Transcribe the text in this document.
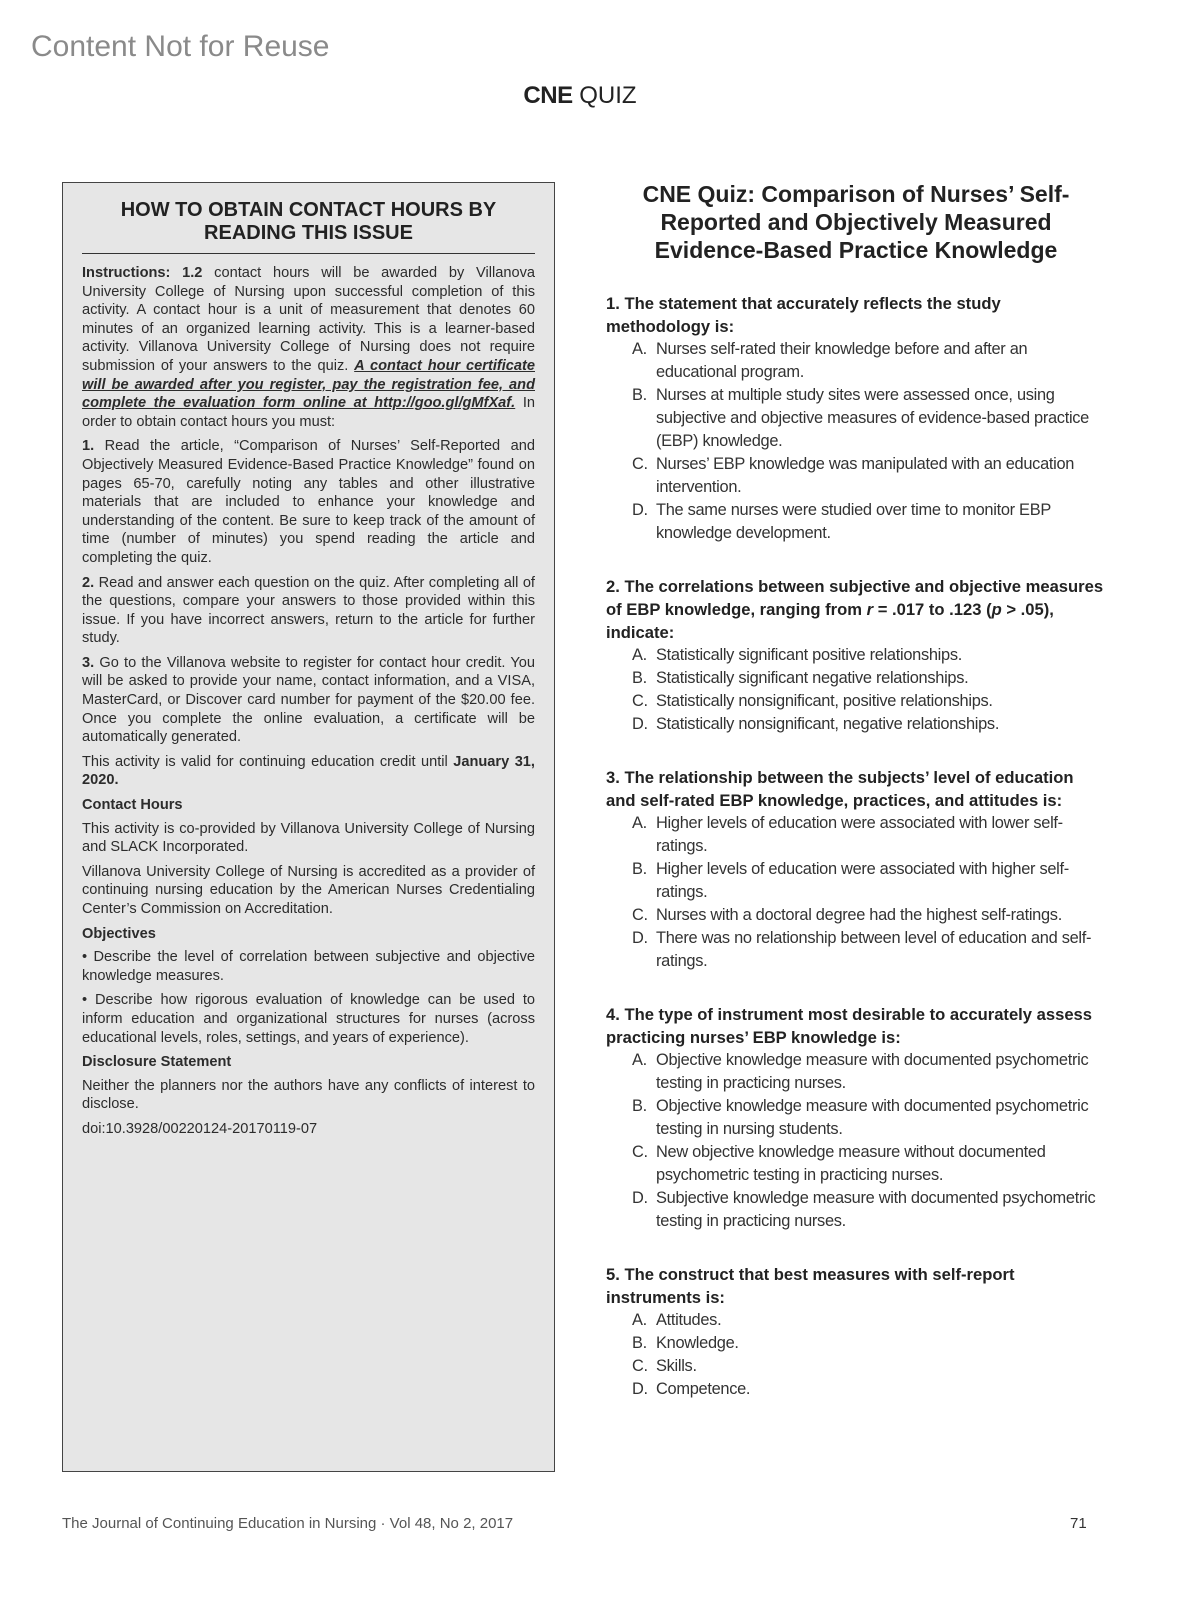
Content Not for Reuse
CNE QUIZ
HOW TO OBTAIN CONTACT HOURS BY READING THIS ISSUE

Instructions: 1.2 contact hours will be awarded by Villanova University College of Nursing upon successful completion of this activity. A contact hour is a unit of measurement that denotes 60 minutes of an organized learning activity. This is a learner-based activity. Villanova University College of Nursing does not require submission of your answers to the quiz. A contact hour certificate will be awarded after you register, pay the registration fee, and complete the evaluation form online at http://goo.gl/gMfXaf. In order to obtain contact hours you must:

1. Read the article, “Comparison of Nurses’ Self-Reported and Objectively Measured Evidence-Based Practice Knowledge” found on pages 65-70, carefully noting any tables and other illustrative materials that are included to enhance your knowledge and understanding of the content. Be sure to keep track of the amount of time (number of minutes) you spend reading the article and completing the quiz.

2. Read and answer each question on the quiz. After completing all of the questions, compare your answers to those provided within this issue. If you have incorrect answers, return to the article for further study.

3. Go to the Villanova website to register for contact hour credit. You will be asked to provide your name, contact information, and a VISA, MasterCard, or Discover card number for payment of the $20.00 fee. Once you complete the online evaluation, a certificate will be automatically generated.

This activity is valid for continuing education credit until January 31, 2020.

Contact Hours

This activity is co-provided by Villanova University College of Nursing and SLACK Incorporated.

Villanova University College of Nursing is accredited as a provider of continuing nursing education by the American Nurses Credentialing Center’s Commission on Accreditation.

Objectives

• Describe the level of correlation between subjective and objective knowledge measures.

• Describe how rigorous evaluation of knowledge can be used to inform education and organizational structures for nurses (across educational levels, roles, settings, and years of experience).

Disclosure Statement

Neither the planners nor the authors have any conflicts of interest to disclose.

doi:10.3928/00220124-20170119-07

CNE Quiz: Comparison of Nurses’ Self-Reported and Objectively Measured Evidence-Based Practice Knowledge
1. The statement that accurately reflects the study methodology is:
A. Nurses self-rated their knowledge before and after an educational program.
B. Nurses at multiple study sites were assessed once, using subjective and objective measures of evidence-based practice (EBP) knowledge.
C. Nurses’ EBP knowledge was manipulated with an education intervention.
D. The same nurses were studied over time to monitor EBP knowledge development.
2. The correlations between subjective and objective measures of EBP knowledge, ranging from r = .017 to .123 (p > .05), indicate:
A. Statistically significant positive relationships.
B. Statistically significant negative relationships.
C. Statistically nonsignificant, positive relationships.
D. Statistically nonsignificant, negative relationships.
3. The relationship between the subjects’ level of education and self-rated EBP knowledge, practices, and attitudes is:
A. Higher levels of education were associated with lower self-ratings.
B. Higher levels of education were associated with higher self-ratings.
C. Nurses with a doctoral degree had the highest self-ratings.
D. There was no relationship between level of education and self-ratings.
4. The type of instrument most desirable to accurately assess practicing nurses’ EBP knowledge is:
A. Objective knowledge measure with documented psychometric testing in practicing nurses.
B. Objective knowledge measure with documented psychometric testing in nursing students.
C. New objective knowledge measure without documented psychometric testing in practicing nurses.
D. Subjective knowledge measure with documented psychometric testing in practicing nurses.
5. The construct that best measures with self-report instruments is:
A. Attitudes.
B. Knowledge.
C. Skills.
D. Competence.
The Journal of Continuing Education in Nursing · Vol 48, No 2, 2017	71
